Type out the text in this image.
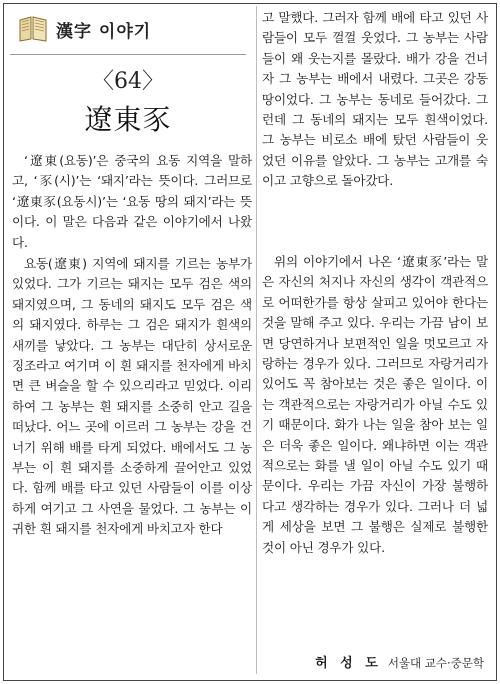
漢字 이야기
〈64〉
遼東豕

‘遼東(요동)’은 중국의 요동 지역을 말하고, ‘豕(시)’는 ‘돼지’라는 뜻이다. 그러므로 ‘遼東豕(요동시)’는 ‘요동 땅의 돼지’라는 뜻이다. 이 말은 다음과 같은 이야기에서 나왔다.

요동(遼東) 지역에 돼지를 기르는 농부가 있었다. 그가 기르는 돼지는 모두 검은 색의 돼지였으며, 그 동네의 돼지도 모두 검은 색의 돼지였다. 하루는 그 검은 돼지가 흰색의 새끼를 낳았다. 그 농부는 대단히 상서로운 징조라고 여기며 이 흰 돼지를 천자에게 바치면 큰 벼슬을 할 수 있으리라고 믿었다. 이리하여 그 농부는 흰 돼지를 소중히 안고 길을 떠났다. 어느 곳에 이르러 그 농부는 강을 건너기 위해 배를 타게 되었다. 배에서도 그 농부는 이 흰 돼지를 소중하게 끌어안고 있었다. 함께 배를 타고 있던 사람들이 이를 이상하게 여기고 그 사연을 물었다. 그 농부는 이 귀한 흰 돼지를 천자에게 바치고자 한다

고 말했다. 그러자 함께 배에 타고 있던 사람들이 모두 껄껄 웃었다. 그 농부는 사람들이 왜 웃는지를 몰랐다. 배가 강을 건너자 그 농부는 배에서 내렸다. 그곳은 강동 땅이었다. 그 농부는 동네로 들어갔다. 그런데 그 동네의 돼지는 모두 흰색이었다. 그 농부는 비로소 배에 탔던 사람들이 웃었던 이유를 알았다. 그 농부는 고개를 숙이고 고향으로 돌아갔다.

위의 이야기에서 나온 ‘遼東豕’라는 말은 자신의 처지나 자신의 생각이 객관적으로 어떠한가를 항상 살피고 있어야 한다는 것을 말해 주고 있다. 우리는 가끔 남이 보면 당연하거나 보편적인 일을 멋모르고 자랑하는 경우가 있다. 그러므로 자랑거리가 있어도 꼭 참아보는 것은 좋은 일이다. 이는 객관적으로는 자랑거리가 아닐 수도 있기 때문이다. 화가 나는 일을 참아 보는 일은 더욱 좋은 일이다. 왜냐하면 이는 객관적으로는 화를 낼 일이 아닐 수도 있기 때문이다. 우리는 가끔 자신이 가장 불행하다고 생각하는 경우가 있다. 그러나 더 넓게 세상을 보면 그 불행은 실제로 불행한 것이 아닌 경우가 있다.

허 성 도 서울대 교수·중문학
